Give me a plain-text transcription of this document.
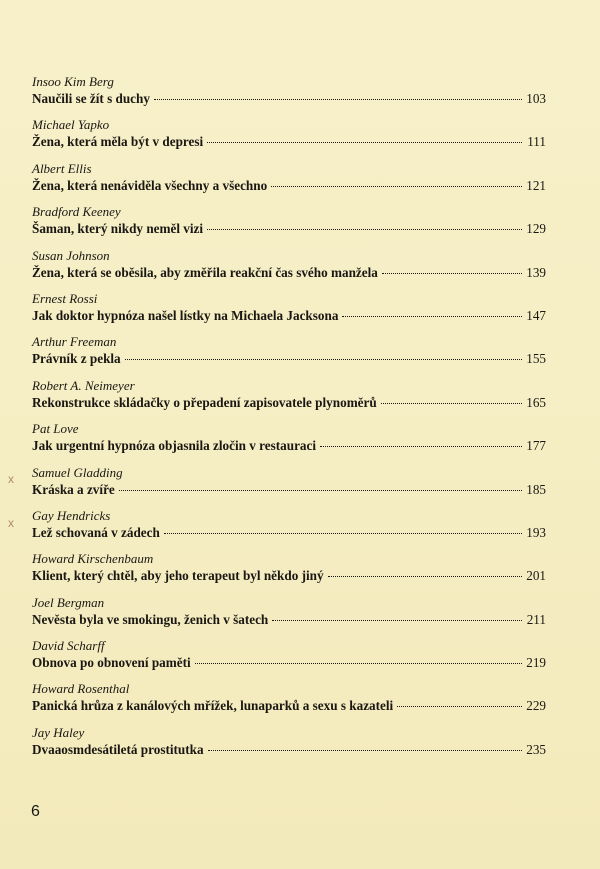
Insoo Kim Berg
Naučili se žít s duchy	103
Michael Yapko
Žena, která měla být v depresi	111
Albert Ellis
Žena, která nenáviděla všechny a všechno	121
Bradford Keeney
Šaman, který nikdy neměl vizi	129
Susan Johnson
Žena, která se oběsila, aby změřila reakční čas svého manžela	139
Ernest Rossi
Jak doktor hypnóza našel lístky na Michaela Jacksona	147
Arthur Freeman
Právník z pekla	155
Robert A. Neimeyer
Rekonstrukce skládačky o přepadení zapisovatele plynoměrů	165
Pat Love
Jak urgentní hypnóza objasnila zločin v restauraci	177
Samuel Gladding
Kráska a zvíře	185
Gay Hendricks
Lež schovaná v zádech	193
Howard Kirschenbaum
Klient, který chtěl, aby jeho terapeut byl někdo jiný	201
Joel Bergman
Nevěsta byla ve smokingu, ženich v šatech	211
David Scharff
Obnova po obnovení paměti	219
Howard Rosenthal
Panická hrůza z kanálových mřížek, lunaparků a sexu s kazateli	229
Jay Haley
Dvaaosmdesátiletá prostitutka	235
x
x
6
